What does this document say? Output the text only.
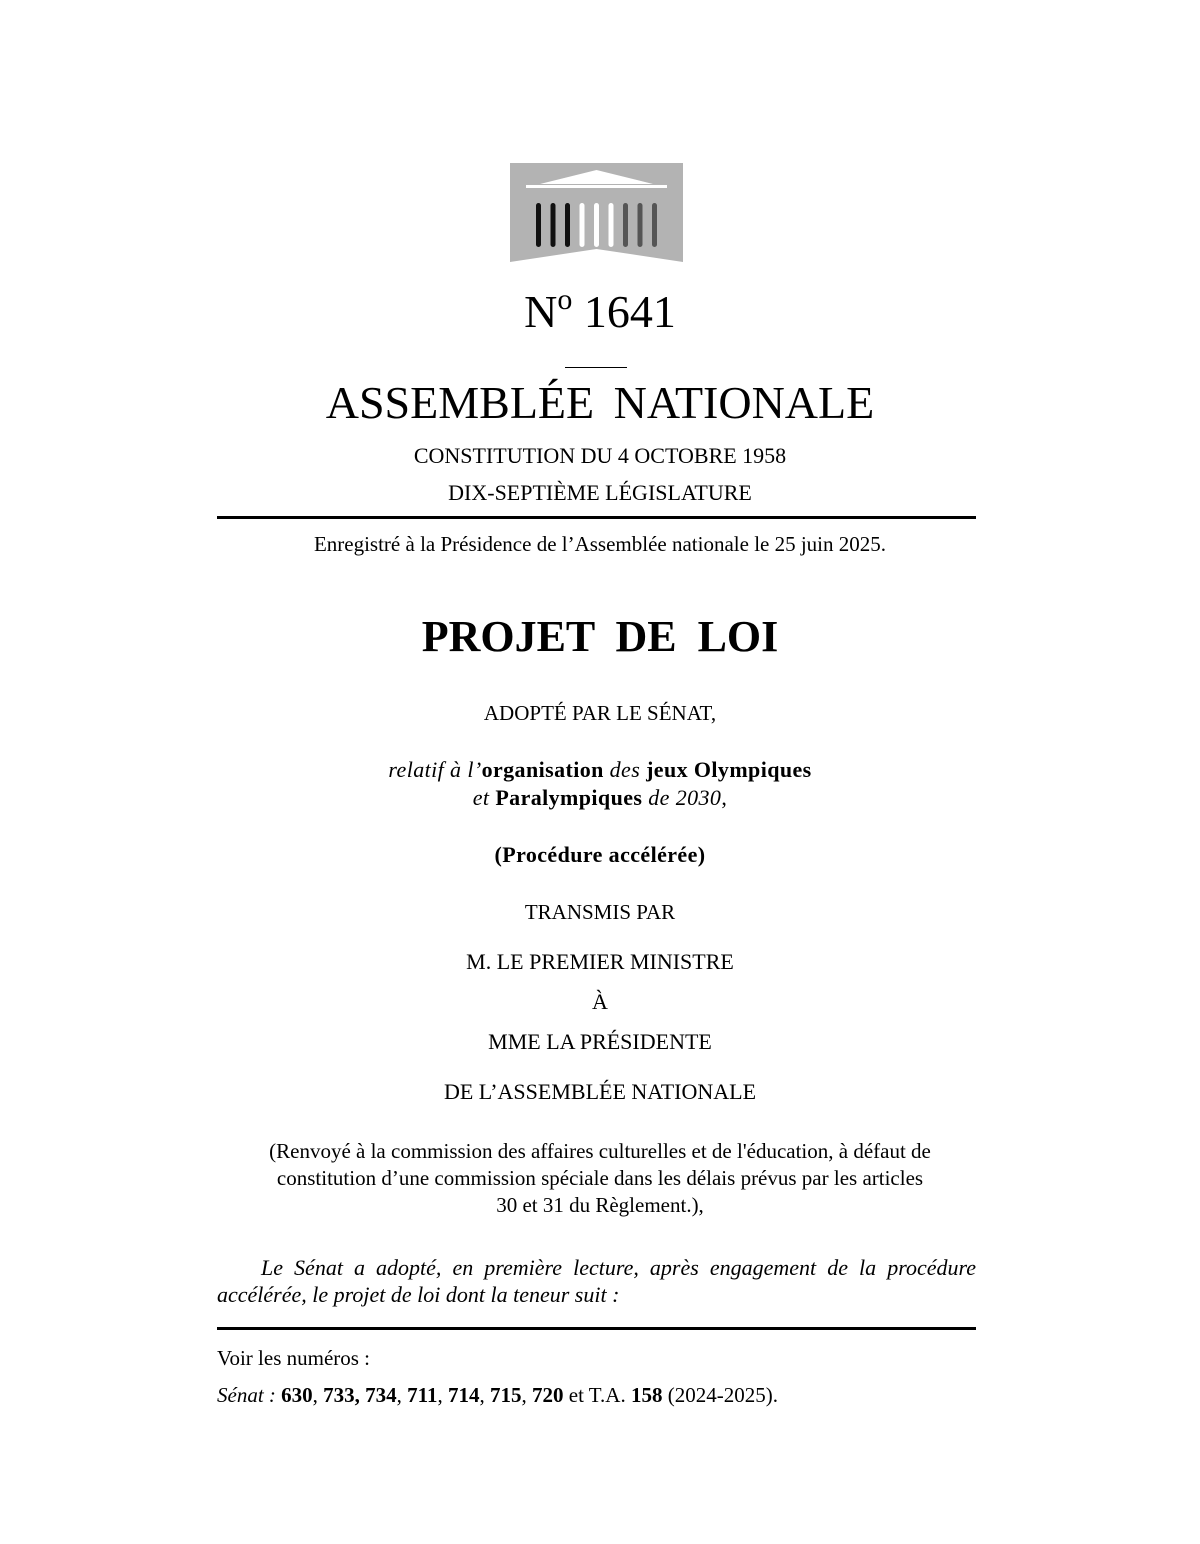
$N^o$ 1641
ASSEMBLÉE NATIONALE
CONSTITUTION DU 4 OCTOBRE 1958
DIX-SEPTIÈME LÉGISLATURE
Enregistré à la Présidence de l’Assemblée nationale le 25 juin 2025.
PROJET DE LOI
ADOPTÉ PAR LE SÉNAT,
relatif à l’organisation des jeux Olympiques
et Paralympiques de 2030,
(Procédure accélérée)
TRANSMIS PAR
M. LE PREMIER MINISTRE
À
MME LA PRÉSIDENTE
DE L’ASSEMBLÉE NATIONALE
(Renvoyé à la commission des affaires culturelles et de l'éducation, à défaut de
constitution d’une commission spéciale dans les délais prévus par les articles
30 et 31 du Règlement.),
Le Sénat a adopté, en première lecture, après engagement de la procédure accélérée, le projet de loi dont la teneur suit :
Voir les numéros :
Sénat : 630, 733, 734, 711, 714, 715, 720 et T.A. 158 (2024-2025).
